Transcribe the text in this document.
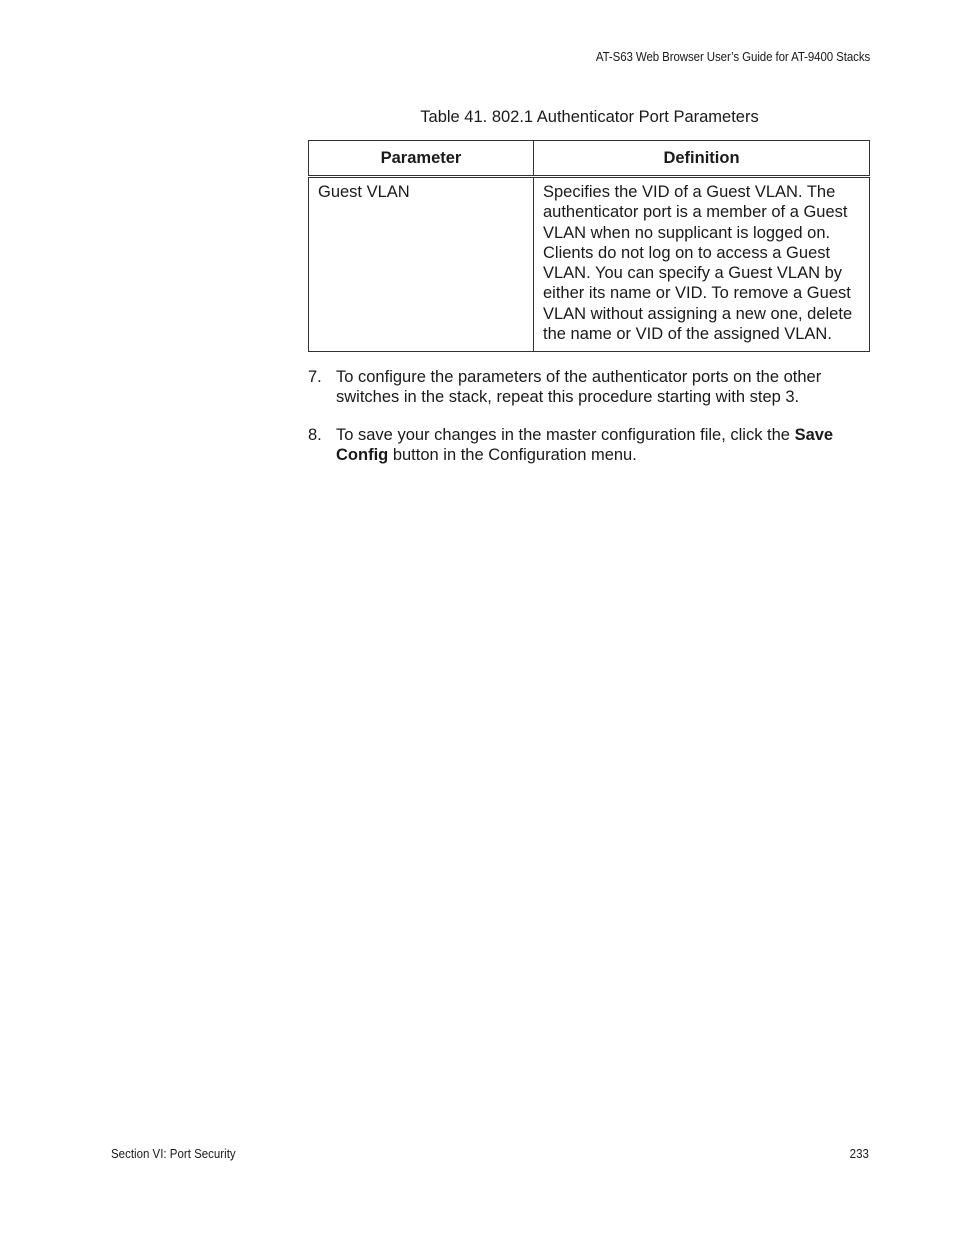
AT-S63 Web Browser User’s Guide for AT-9400 Stacks
Table 41. 802.1 Authenticator Port Parameters
Parameter	Definition
Guest VLAN	Specifies the VID of a Guest VLAN. The authenticator port is a member of a Guest VLAN when no supplicant is logged on. Clients do not log on to access a Guest VLAN. You can specify a Guest VLAN by either its name or VID. To remove a Guest VLAN without assigning a new one, delete the name or VID of the assigned VLAN.
7. To configure the parameters of the authenticator ports on the other switches in the stack, repeat this procedure starting with step 3.
8. To save your changes in the master configuration file, click the Save Config button in the Configuration menu.
Section VI: Port Security	233
